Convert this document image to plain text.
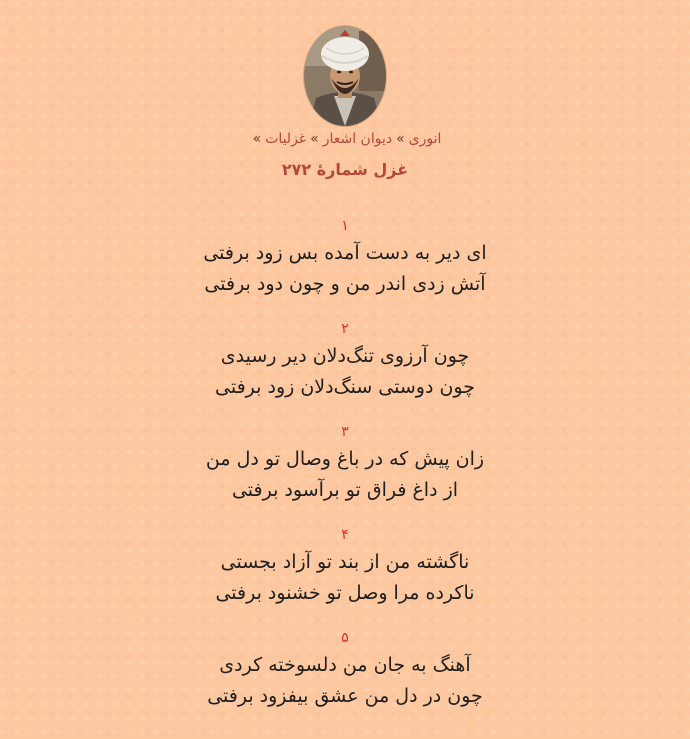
انوری»دیوان اشعار»غزلیات»
غزل شمارهٔ ۲۷۲
۱
ای دیر به دست آمده بس زود برفتی
آتش زدی اندر من و چون دود برفتی
۲
چون آرزوی تنگ‌دلان دیر رسیدی
چون دوستی سنگ‌دلان زود برفتی
۳
زان پیش که در باغ وصال تو دل من
از داغ فراق تو برآسود برفتی
۴
ناگشته من از بند تو آزاد بجستی
ناکرده مرا وصل تو خشنود برفتی
۵
آهنگ به جان من دلسوخته کردی
چون در دل من عشق بیفزود برفتی
